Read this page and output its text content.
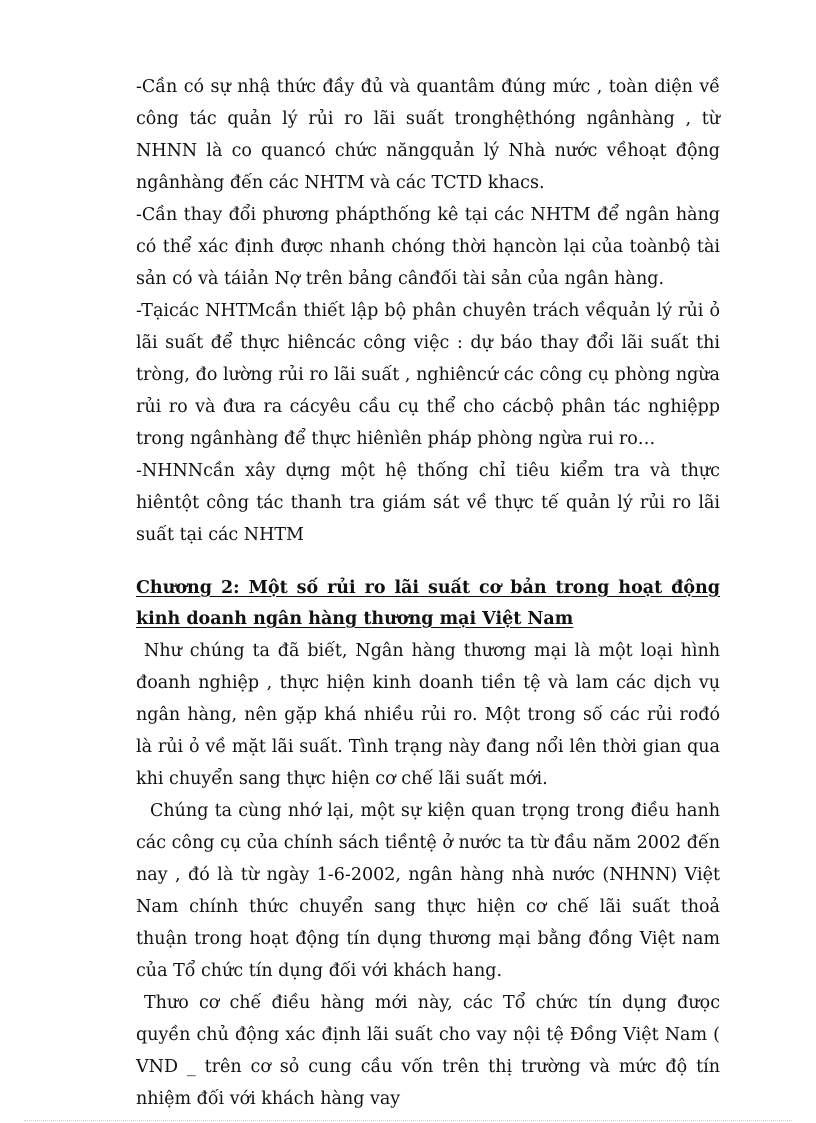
-Cần có sự nhậ thức đầy đủ và quantâm đúng mức , toàn diện về công tác quản lý rủi ro lãi suất tronghệthóng ngânhàng , từ NHNN là co quancó chức năngquản lý Nhà nước vềhoạt động ngânhàng đến các NHTM và các TCTD khacs.

-Cần thay đổi phương phápthống kê tại các NHTM để ngân hàng có thể xác định được nhanh chóng thời hạncòn lại của toànbộ tài sản có và táiản Nợ trên bảng cânđối tài sản của ngân hàng.

-Tạicác NHTMcần thiết lập bộ phân chuyên trách vềquản lý rủi ỏ lãi suất để thực hiêncác công việc : dự báo thay đổi lãi suất thi tròng, đo lường rủi ro lãi suất , nghiêncứ các công cụ phòng ngừa rủi ro và đưa ra cácyêu cầu cụ thể cho cácbộ phân tác nghiệpp trong ngânhàng để thực hiênìên pháp phòng ngừa rui ro…

-NHNNcần xây dựng một hệ thống chỉ tiêu kiểm tra và thực hiêntột công tác thanh tra giám sát về thực tế quản lý rủi ro lãi suất tại các NHTM

Chương 2: Một số rủi ro lãi suất cơ bản trong hoạt động kinh doanh ngân hàng thương mại Việt Nam

Như chúng ta đã biết, Ngân hàng thương mại là một loại hình đoanh nghiệp , thực hiện kinh doanh tiền tệ và lam các dịch vụ ngân hàng, nên gặp khá nhiều rủi ro. Một trong số các rủi rođó là rủi ỏ về mặt lãi suất. Tình trạng này đang nổi lên thời gian qua khi chuyển sang thực hiện cơ chế lãi suất mới.

Chúng ta cùng nhớ lại, một sự kiện quan trọng trong điều hanh các công cụ của chính sách tiềntệ ở nước ta từ đầu năm 2002 đến nay , đó là từ ngày 1-6-2002, ngân hàng nhà nước (NHNN) Việt Nam chính thức chuyển sang thực hiện cơ chế lãi suất thoả thuận trong hoạt động tín dụng thương mại bằng đồng Việt nam của Tổ chức tín dụng đối với khách hang.

Thưo cơ chế điều hàng mới này, các Tổ chức tín dụng đưọc quyền chủ động xác định lãi suất cho vay nội tệ Đồng Việt Nam ( VND _ trên cơ sỏ cung cầu vốn trên thị trường và mức độ tín nhiệm đối với khách hàng vay
